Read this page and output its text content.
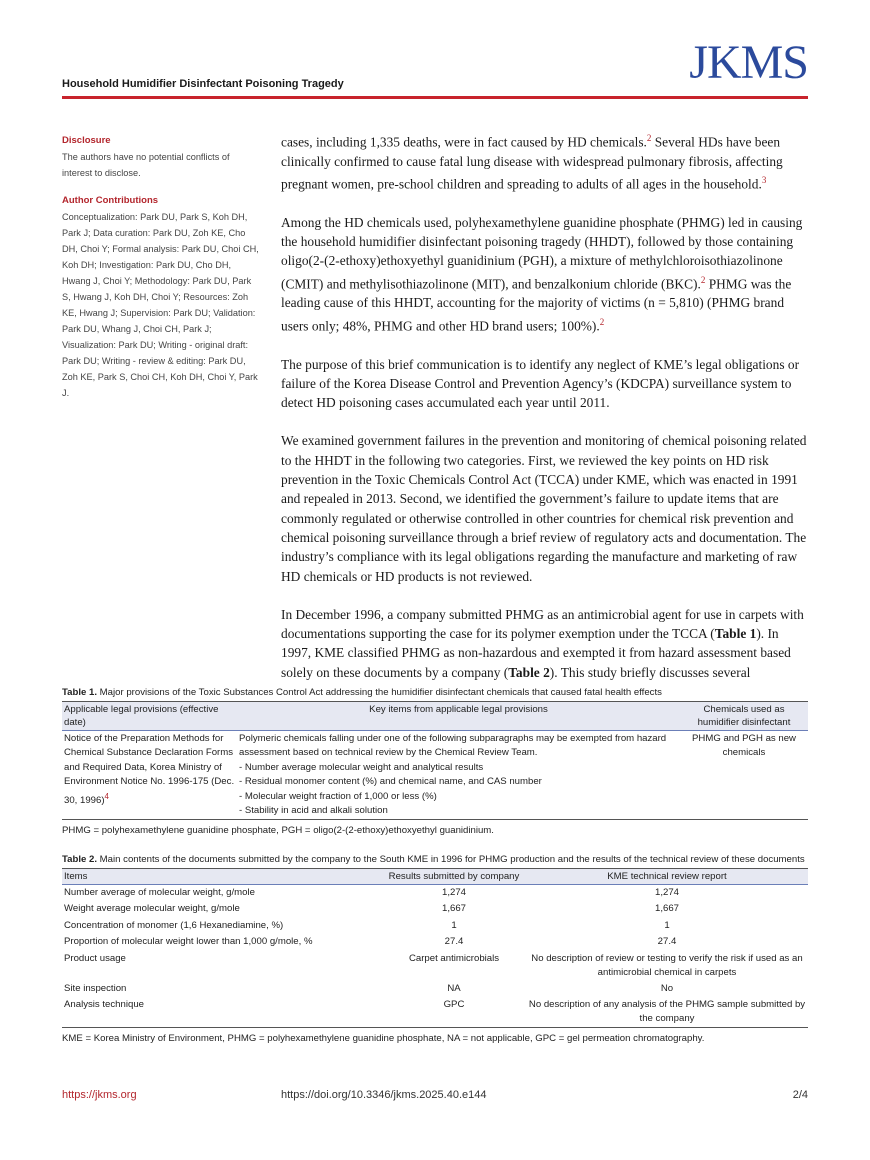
Household Humidifier Disinfectant Poisoning Tragedy	JKMS
Disclosure

The authors have no potential conflicts of interest to disclose.

Author Contributions

Conceptualization: Park DU, Park S, Koh DH, Park J; Data curation: Park DU, Zoh KE, Cho DH, Choi Y; Formal analysis: Park DU, Choi CH, Koh DH; Investigation: Park DU, Cho DH, Hwang J, Choi Y; Methodology: Park DU, Park S, Hwang J, Koh DH, Choi Y; Resources: Zoh KE, Hwang J; Supervision: Park DU; Validation: Park DU, Whang J, Choi CH, Park J; Visualization: Park DU; Writing - original draft: Park DU; Writing - review & editing: Park DU, Zoh KE, Park S, Choi CH, Koh DH, Choi Y, Park J.

cases, including 1,335 deaths, were in fact caused by HD chemicals.$^2$ Several HDs have been clinically confirmed to cause fatal lung disease with widespread pulmonary fibrosis, affecting pregnant women, pre-school children and spreading to adults of all ages in the household.$^3$

Among the HD chemicals used, polyhexamethylene guanidine phosphate (PHMG) led in causing the household humidifier disinfectant poisoning tragedy (HHDT), followed by those containing oligo(2-(2-ethoxy)ethoxyethyl guanidinium (PGH), a mixture of methylchloroisothiazolinone (CMIT) and methylisothiazolinone (MIT), and benzalkonium chloride (BKC).$^2$ PHMG was the leading cause of this HHDT, accounting for the majority of victims (n = 5,810) (PHMG brand users only; 48%, PHMG and other HD brand users; 100%).$^2$

The purpose of this brief communication is to identify any neglect of KME’s legal obligations or failure of the Korea Disease Control and Prevention Agency’s (KDCPA) surveillance system to detect HD poisoning cases accumulated each year until 2011.

We examined government failures in the prevention and monitoring of chemical poisoning related to the HHDT in the following two categories. First, we reviewed the key points on HD risk prevention in the Toxic Chemicals Control Act (TCCA) under KME, which was enacted in 1991 and repealed in 2013. Second, we identified the government’s failure to update items that are commonly regulated or otherwise controlled in other countries for chemical risk prevention and chemical poisoning surveillance through a brief review of regulatory acts and documentation. The industry’s compliance with its legal obligations regarding the manufacture and marketing of raw HD chemicals or HD products is not reviewed.

In December 1996, a company submitted PHMG as an antimicrobial agent for use in carpets with documentations supporting the case for its polymer exemption under the TCCA (Table 1). In 1997, KME classified PHMG as non-hazardous and exempted it from hazard assessment based solely on these documents by a company (Table 2). This study briefly discusses several

Table 1. Major provisions of the Toxic Substances Control Act addressing the humidifier disinfectant chemicals that caused fatal health effects
Applicable legal provisions (effective date)	Key items from applicable legal provisions	Chemicals used as humidifier disinfectant
Notice of the Preparation Methods for Chemical Substance Declaration Forms and Required Data, Korea Ministry of Environment Notice No. 1996-175 (Dec. 30, 1996)$^4$	Polymeric chemicals falling under one of the following subparagraphs may be exempted from hazard assessment based on technical review by the Chemical Review Team.
- Number average molecular weight and analytical results
- Residual monomer content (%) and chemical name, and CAS number
- Molecular weight fraction of 1,000 or less (%)
- Stability in acid and alkali solution	PHMG and PGH as new chemicals
PHMG = polyhexamethylene guanidine phosphate, PGH = oligo(2-(2-ethoxy)ethoxyethyl guanidinium.
Table 2. Main contents of the documents submitted by the company to the South KME in 1996 for PHMG production and the results of the technical review of these documents
Items	Results submitted by company	KME technical review report
Number average of molecular weight, g/mole	1,274	1,274
Weight average molecular weight, g/mole	1,667	1,667
Concentration of monomer (1,6 Hexanediamine, %)	1	1
Proportion of molecular weight lower than 1,000 g/mole, %	27.4	27.4
Product usage	Carpet antimicrobials	No description of review or testing to verify the risk if used as an antimicrobial chemical in carpets
Site inspection	NA	No
Analysis technique	GPC	No description of any analysis of the PHMG sample submitted by the company
KME = Korea Ministry of Environment, PHMG = polyhexamethylene guanidine phosphate, NA = not applicable, GPC = gel permeation chromatography.
https://jkms.org	https://doi.org/10.3346/jkms.2025.40.e144	2/4
